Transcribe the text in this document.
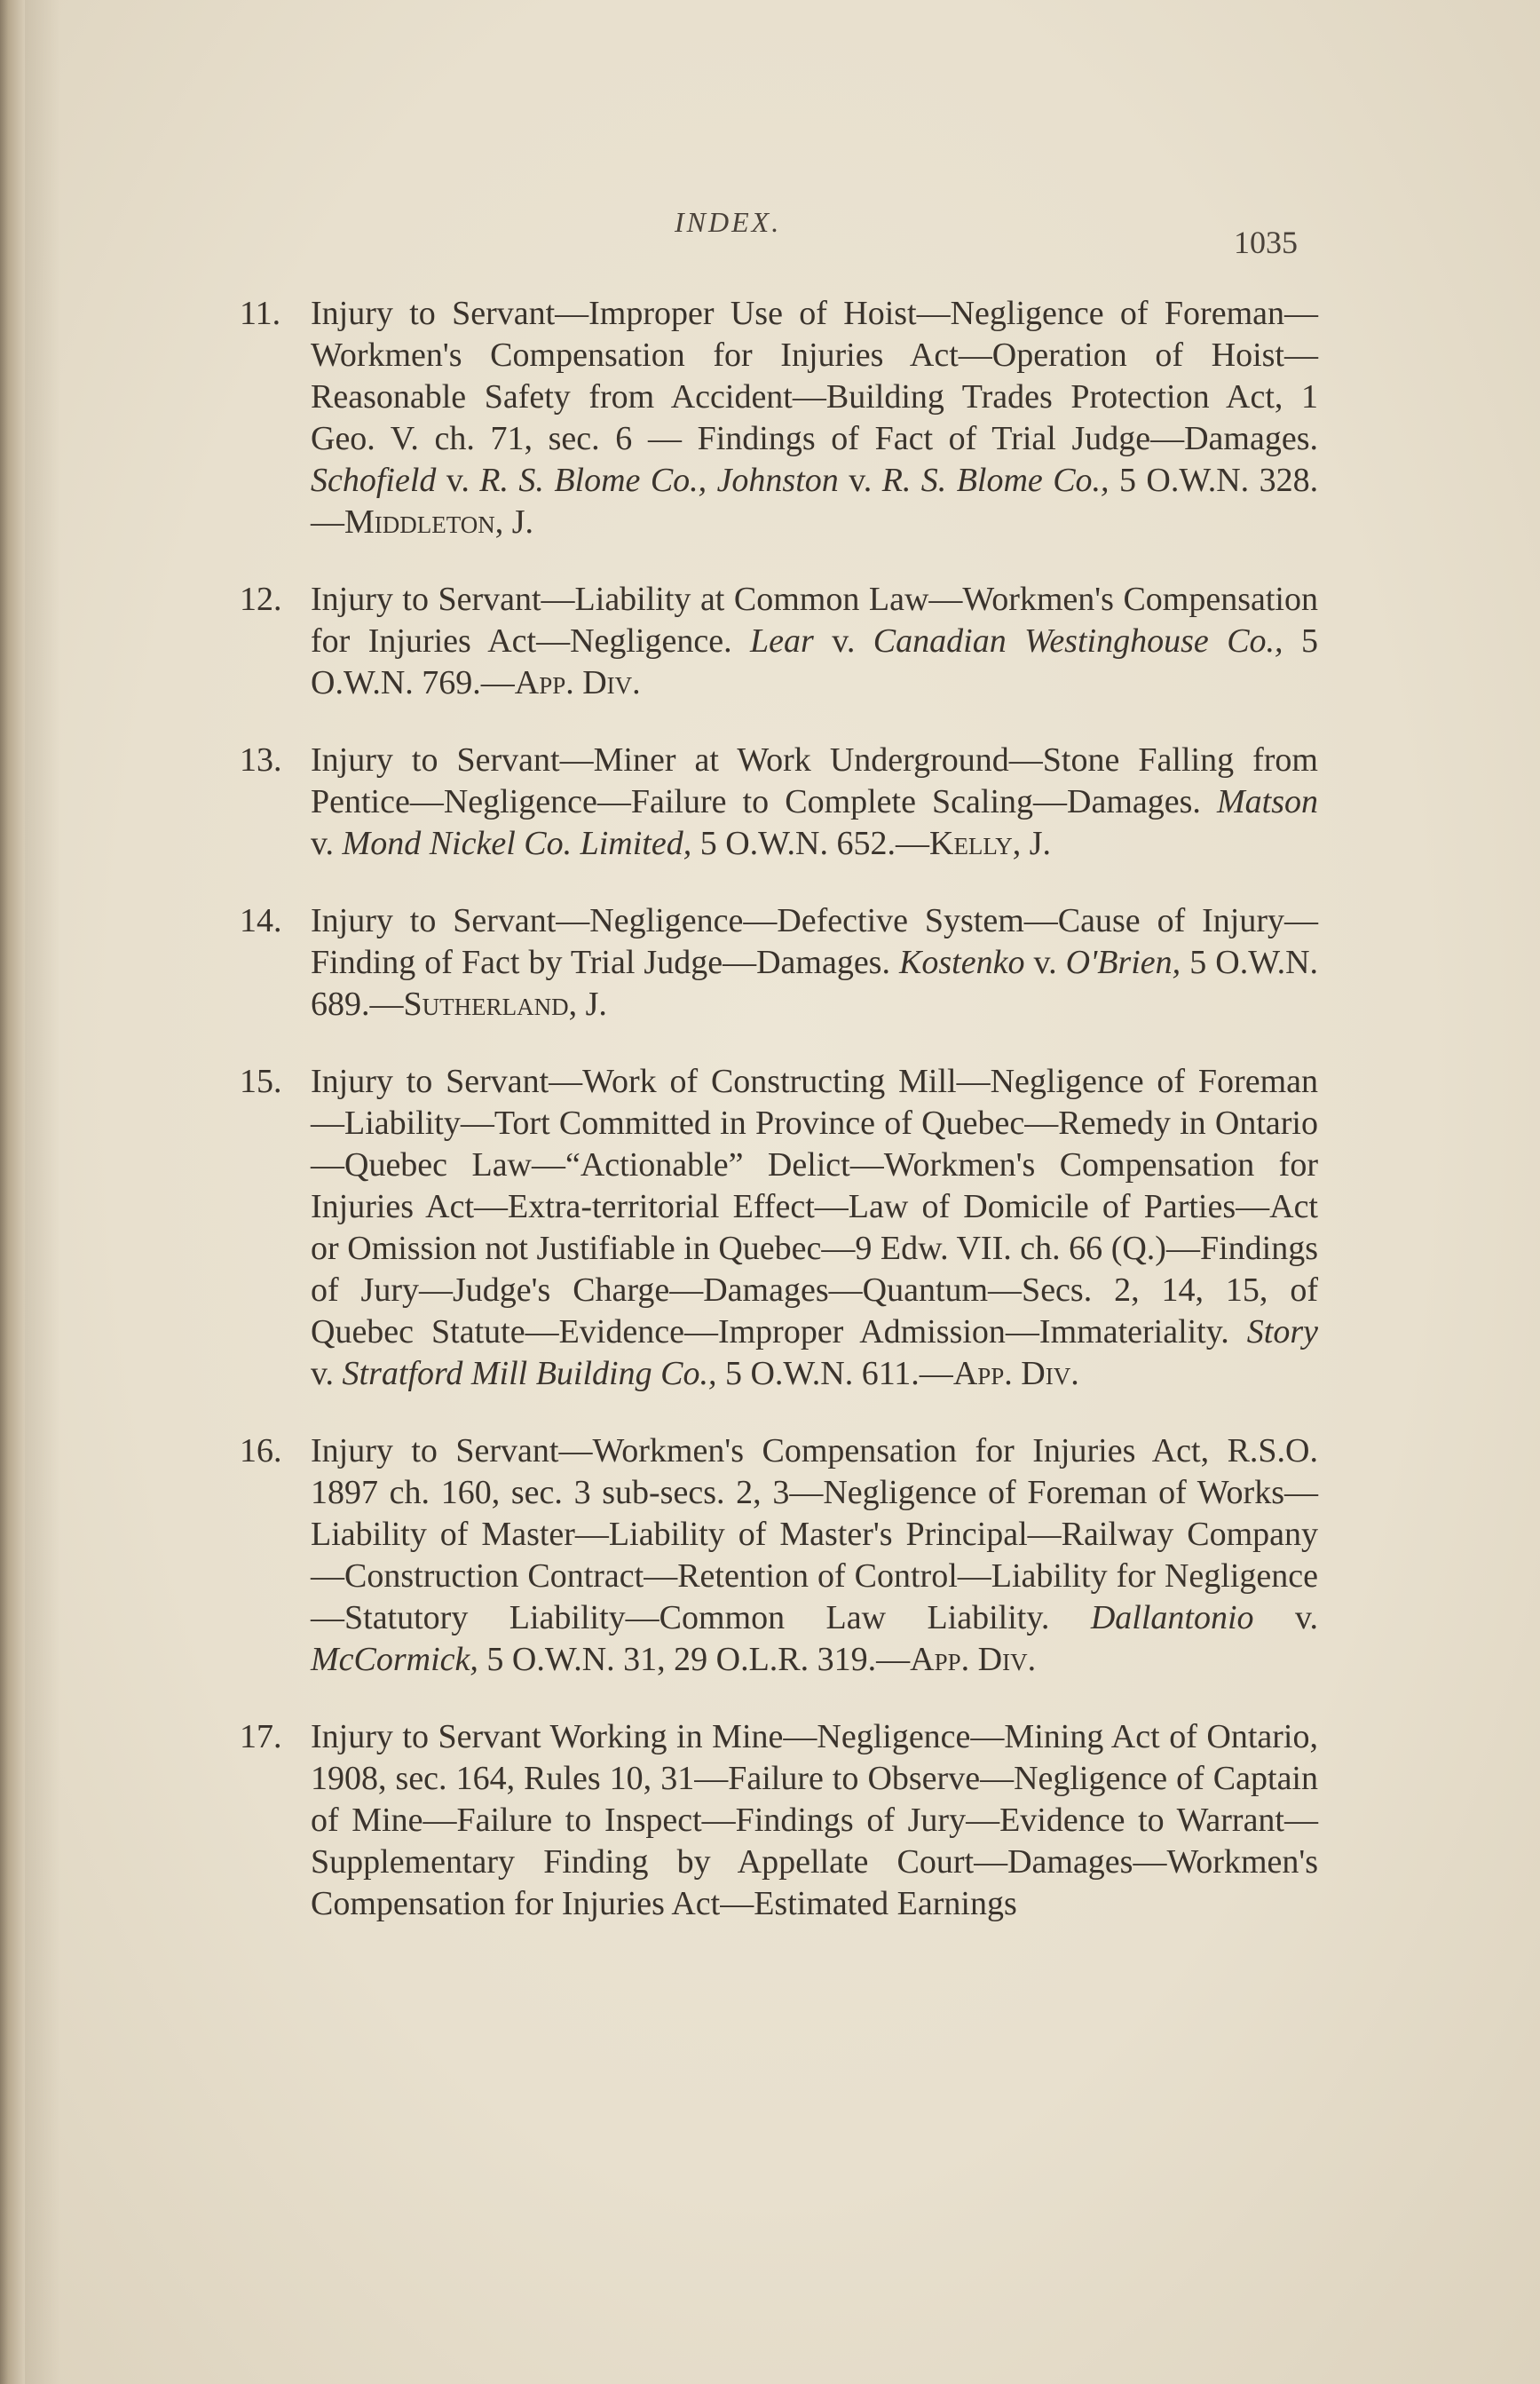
INDEX.
1035
11. Injury to Servant—Improper Use of Hoist—Negligence of Foreman—Workmen's Compensation for Injuries Act—Operation of Hoist—Reasonable Safety from Accident—Building Trades Protection Act, 1 Geo. V. ch. 71, sec. 6 — Findings of Fact of Trial Judge—Damages. Schofield v. R. S. Blome Co., Johnston v. R. S. Blome Co., 5 O.W.N. 328. —Middleton, J.
12. Injury to Servant—Liability at Common Law—Workmen's Compensation for Injuries Act—Negligence. Lear v. Canadian Westinghouse Co., 5 O.W.N. 769.—App. Div.
13. Injury to Servant—Miner at Work Underground—Stone Falling from Pentice—Negligence—Failure to Complete Scaling—Damages. Matson v. Mond Nickel Co. Limited, 5 O.W.N. 652.—Kelly, J.
14. Injury to Servant—Negligence—Defective System—Cause of Injury—Finding of Fact by Trial Judge—Damages. Kostenko v. O'Brien, 5 O.W.N. 689.—Sutherland, J.
15. Injury to Servant—Work of Constructing Mill—Negligence of Foreman—Liability—Tort Committed in Province of Quebec—Remedy in Ontario—Quebec Law—“Actionable” Delict—Workmen's Compensation for Injuries Act—Extra-territorial Effect—Law of Domicile of Parties—Act or Omission not Justifiable in Quebec—9 Edw. VII. ch. 66 (Q.)—Findings of Jury—Judge's Charge—Damages—Quantum—Secs. 2, 14, 15, of Quebec Statute—Evidence—Improper Admission—Immateriality. Story v. Stratford Mill Building Co., 5 O.W.N. 611.—App. Div.
16. Injury to Servant—Workmen's Compensation for Injuries Act, R.S.O. 1897 ch. 160, sec. 3 sub-secs. 2, 3—Negligence of Foreman of Works—Liability of Master—Liability of Master's Principal—Railway Company—Construction Contract—Retention of Control—Liability for Negligence—Statutory Liability—Common Law Liability. Dallantonio v. McCormick, 5 O.W.N. 31, 29 O.L.R. 319.—App. Div.
17. Injury to Servant Working in Mine—Negligence—Mining Act of Ontario, 1908, sec. 164, Rules 10, 31—Failure to Observe—Negligence of Captain of Mine—Failure to Inspect—Findings of Jury—Evidence to Warrant—Supplementary Finding by Appellate Court—Damages—Workmen's Compensation for Injuries Act—Estimated Earnings
